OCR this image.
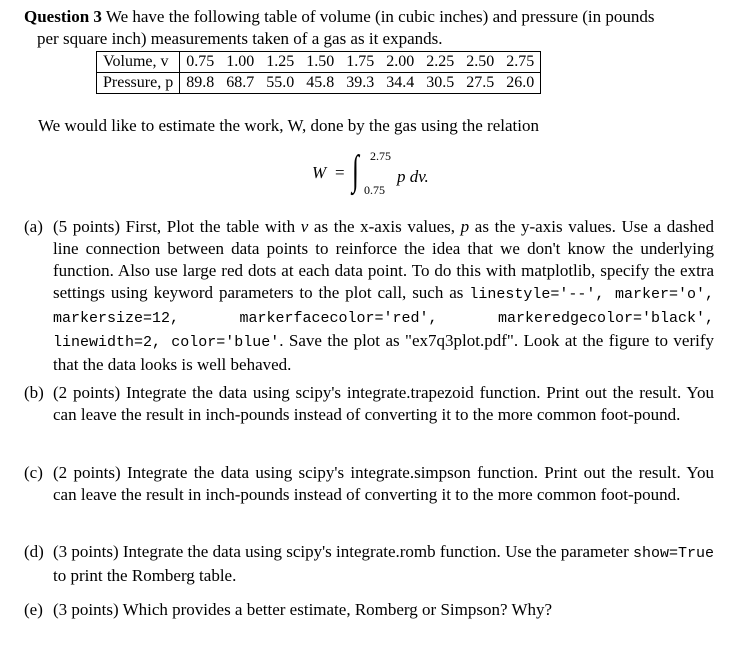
Question 3 We have the following table of volume (in cubic inches) and pressure (in pounds
per square inch) measurements taken of a gas as it expands.
Volume, v	0.75	1.00	1.25	1.50	1.75	2.00	2.25	2.50	2.75
Pressure, p	89.8	68.7	55.0	45.8	39.3	34.4	30.5	27.5	26.0
We would like to estimate the work, W, done by the gas using the relation
W = ∫ 2.75
0.75
p dv.
(a) (5 points) First, Plot the table with v as the x-axis values, p as the y-axis values. Use a dashed line connection between data points to reinforce the idea that we don't know the underlying function. Also use large red dots at each data point. To do this with matplotlib, specify the extra settings using keyword parameters to the plot call, such as linestyle='--', marker='o', markersize=12, markerfacecolor='red', markeredgecolor='black', linewidth=2, color='blue'. Save the plot as "ex7q3plot.pdf". Look at the figure to verify that the data looks is well behaved.
(b) (2 points) Integrate the data using scipy's integrate.trapezoid function. Print out the result. You can leave the result in inch-pounds instead of converting it to the more common foot-pound.
(c) (2 points) Integrate the data using scipy's integrate.simpson function. Print out the result. You can leave the result in inch-pounds instead of converting it to the more common foot-pound.
(d) (3 points) Integrate the data using scipy's integrate.romb function. Use the parameter show=True to print the Romberg table.
(e) (3 points) Which provides a better estimate, Romberg or Simpson? Why?
